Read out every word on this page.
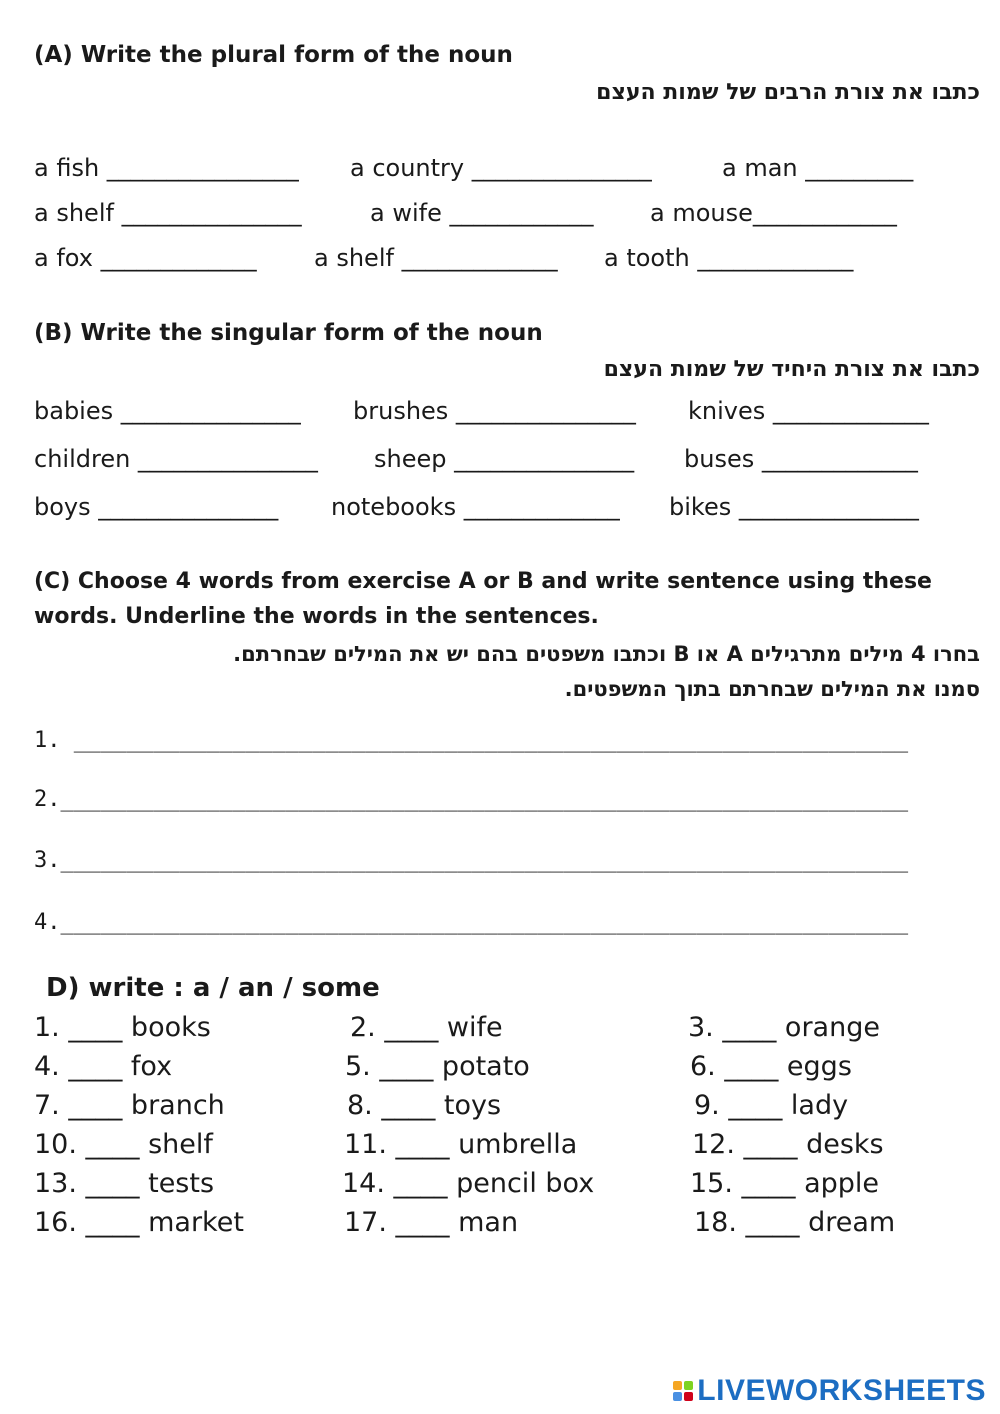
(A) Write the plural form of the noun
כתבו את צורת הרבים של שמות העצם
a fish ________________ a country _______________	a man _________
a shelf _______________	a wife ____________ a mouse____________
a fox _____________ a shelf _____________ a tooth _____________
(B) Write the singular form of the noun
כתבו את צורת היחיד של שמות העצם
babies _______________ brushes _______________ knives _____________
children _______________ sheep _______________ buses _____________
boys _______________ notebooks _____________ bikes _______________
(C) Choose 4 words from exercise A or B and write sentence using these
words. Underline the words in the sentences.
בחרו 4 מילים מתרגילים A או B וכתבו משפטים בהם יש את המילים שבחרתם.
סמנו את המילים שבחרתם בתוך המשפטים.
1. _______________________________________________________________
2.________________________________________________________________
3.________________________________________________________________
4.________________________________________________________________
D) write : a / an / some
1. ____ books	2. ____ wife	3. ____ orange
4. ____ fox	5. ____ potato	6. ____ eggs
7. ____ branch	8. ____ toys	9. ____ lady
10. ____ shelf	11. ____ umbrella	12. ____ desks
13. ____ tests	14. ____ pencil box	15. ____ apple
16. ____ market	17. ____ man	18. ____ dream
LIVEWORKSHEETS
